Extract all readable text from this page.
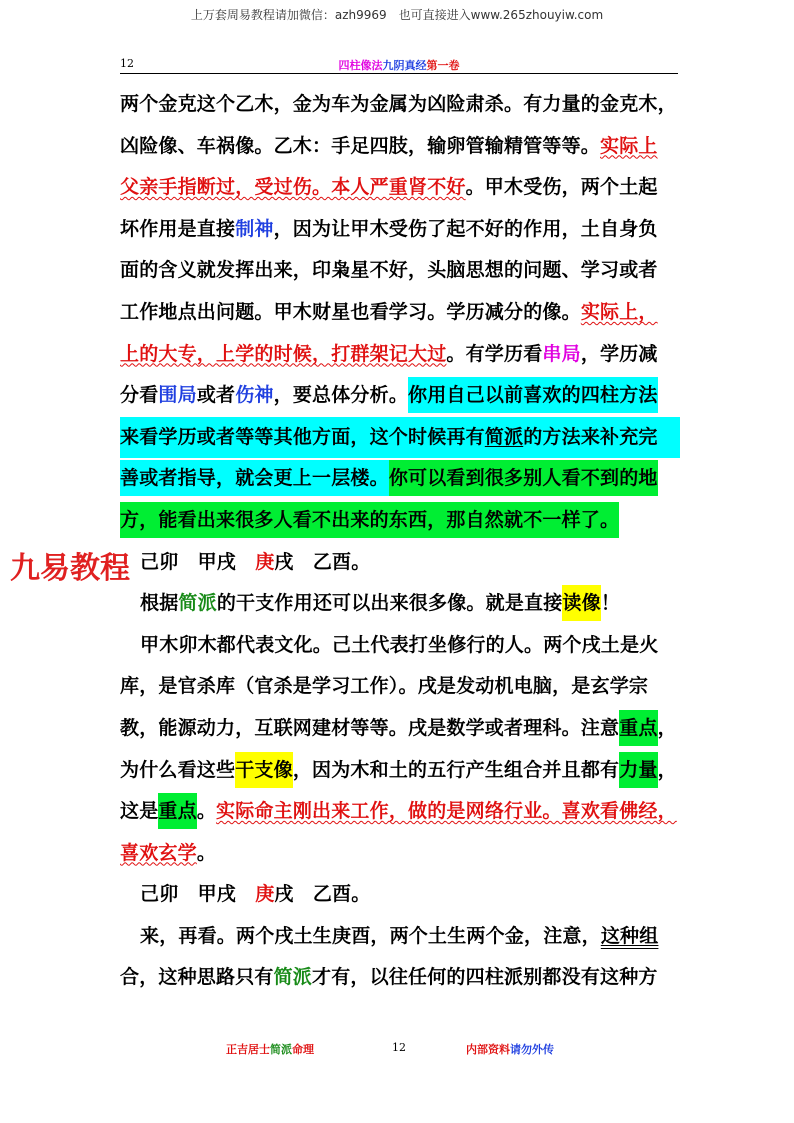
上万套周易教程请加微信：azh9969　也可直接进入www.265zhouyiw.com
12	四柱像法九阴真经第一卷
两个金克这个乙木，金为车为金属为凶险肃杀。有力量的金克木，
凶险像、车祸像。乙木：手足四肢，输卵管输精管等等。实际上
父亲手指断过，受过伤。本人严重肾不好。甲木受伤，两个土起
坏作用是直接制神，因为让甲木受伤了起不好的作用，土自身负
面的含义就发挥出来，印枭星不好，头脑思想的问题、学习或者
工作地点出问题。甲木财星也看学习。学历减分的像。实际上，
上的大专，上学的时候，打群架记大过。有学历看串局，学历减
分看围局或者伤神，要总体分析。你用自己以前喜欢的四柱方法
来看学历或者等等其他方面，这个时候再有简派的方法来补充完
善或者指导，就会更上一层楼。你可以看到很多别人看不到的地
方，能看出来很多人看不出来的东西，那自然就不一样了。
己卯　 甲戌　 庚戌　 乙酉。
根据简派的干支作用还可以出来很多像。就是直接读像！
甲木卯木都代表文化。己土代表打坐修行的人。两个戌土是火
库，是官杀库（官杀是学习工作）。戌是发动机电脑，是玄学宗
教，能源动力，互联网建材等等。戌是数学或者理科。注意重点，
为什么看这些干支像，因为木和土的五行产生组合并且都有力量，
这是重点。实际命主刚出来工作，做的是网络行业。喜欢看佛经，
喜欢玄学。
己卯　 甲戌　 庚戌　 乙酉。
来，再看。两个戌土生庚酉，两个土生两个金，注意，这种组
合，这种思路只有简派才有，以往任何的四柱派别都没有这种方
九易教程
正吉居士简派命理	12	内部资料请勿外传
